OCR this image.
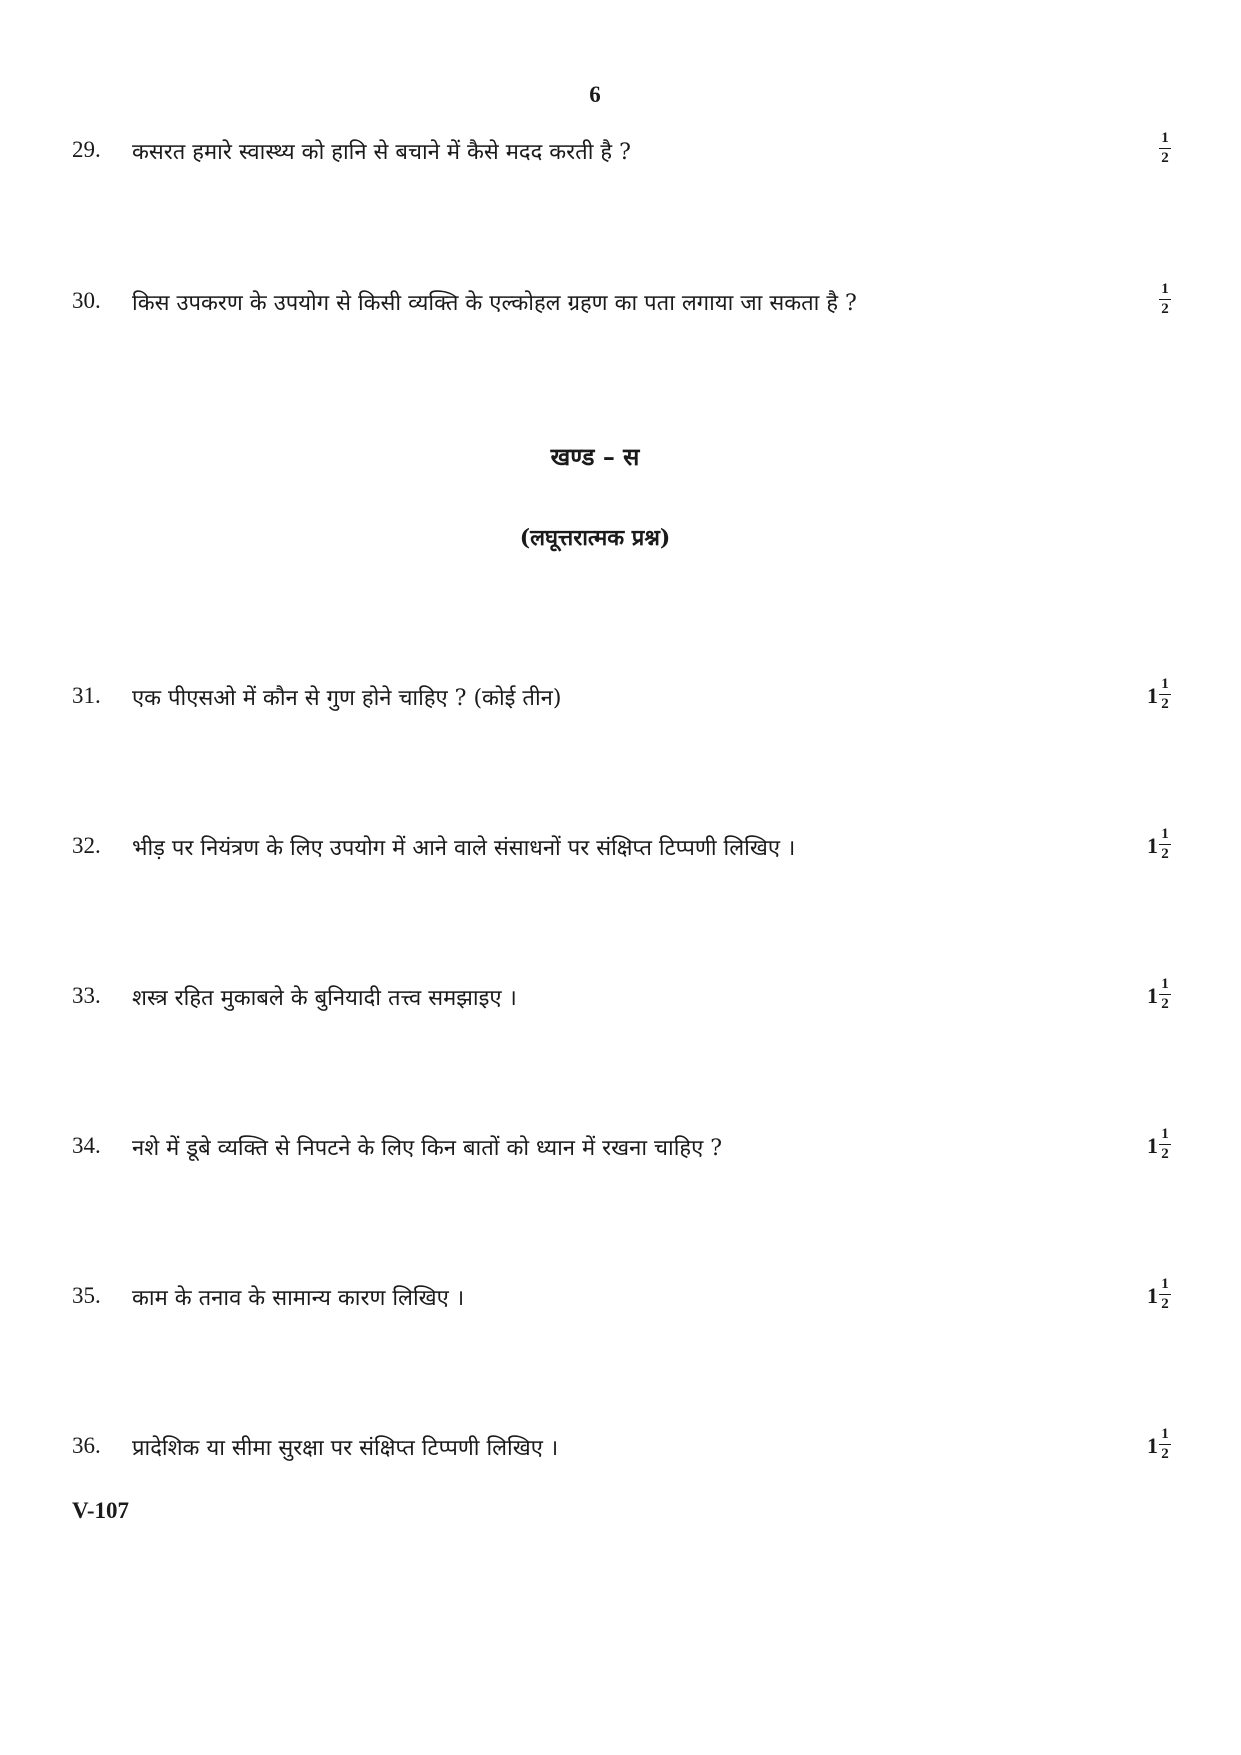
6
29. कसरत हमारे स्वास्थ्य को हानि से बचाने में कैसे मदद करती है ?
1
2
30. किस उपकरण के उपयोग से किसी व्यक्ति के एल्कोहल ग्रहण का पता लगाया जा सकता है ?
1
2
खण्ड – स
(लघूत्तरात्मक प्रश्न)
31. एक पीएसओ में कौन से गुण होने चाहिए ? (कोई तीन)	1 1
2
32. भीड़ पर नियंत्रण के लिए उपयोग में आने वाले संसाधनों पर संक्षिप्त टिप्पणी लिखिए ।	1 1
2
33. शस्त्र रहित मुकाबले के बुनियादी तत्त्व समझाइए ।	1 1
2
34. नशे में डूबे व्यक्ति से निपटने के लिए किन बातों को ध्यान में रखना चाहिए ?	1 1
2
35. काम के तनाव के सामान्य कारण लिखिए ।	1 1
2
36. प्रादेशिक या सीमा सुरक्षा पर संक्षिप्त टिप्पणी लिखिए ।	1 1
2
V-107
